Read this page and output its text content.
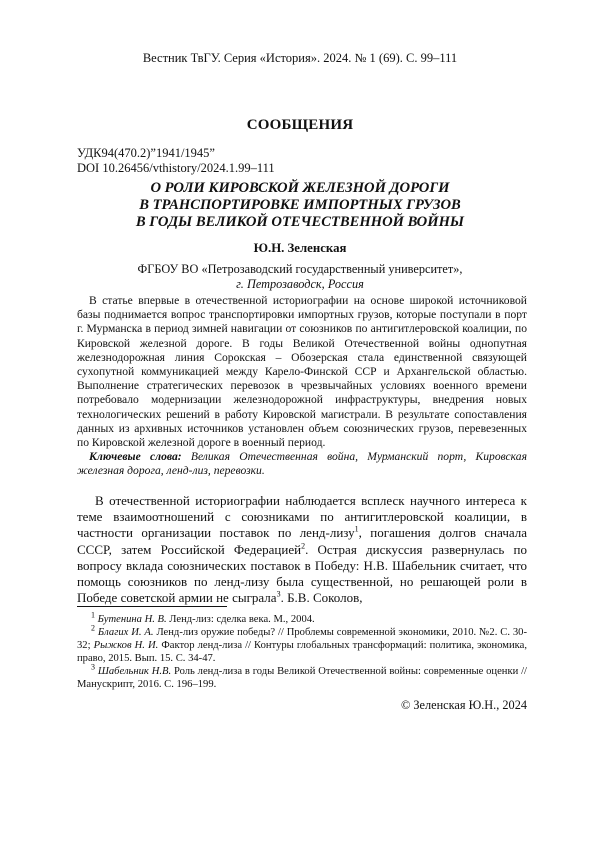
Вестник ТвГУ. Серия «История». 2024. № 1 (69). С. 99–111
СООБЩЕНИЯ
УДК94(470.2)”1941/1945”
DOI 10.26456/vthistory/2024.1.99–111
О РОЛИ КИРОВСКОЙ ЖЕЛЕЗНОЙ ДОРОГИ
В ТРАНСПОРТИРОВКЕ ИМПОРТНЫХ ГРУЗОВ
В ГОДЫ ВЕЛИКОЙ ОТЕЧЕСТВЕННОЙ ВОЙНЫ
Ю.Н. Зеленская
ФГБОУ ВО «Петрозаводский государственный университет»,
г. Петрозаводск, Россия

В статье впервые в отечественной историографии на основе широкой источниковой базы поднимается вопрос транспортировки импортных грузов, которые поступали в порт г. Мурманска в период зимней навигации от союзников по антигитлеровской коалиции, по Кировской железной дороге. В годы Великой Отечественной войны однопутная железнодорожная линия Сорокская – Обозерская стала единственной связующей сухопутной коммуникацией между Карело-Финской ССР и Архангельской областью. Выполнение стратегических перевозок в чрезвычайных условиях военного времени потребовало модернизации железнодорожной инфраструктуры, внедрения новых технологических решений в работу Кировской магистрали. В результате сопоставления данных из архивных источников установлен объем союзнических грузов, перевезенных по Кировской железной дороге в военный период.

Ключевые слова: Великая Отечественная война, Мурманский порт, Кировская железная дорога, ленд-лиз, перевозки.

В отечественной историографии наблюдается всплеск научного интереса к теме взаимоотношений с союзниками по антигитлеровской коалиции, в частности организации поставок по ленд-лизу$^1$, погашения долгов сначала СССР, затем Российской Федерацией$^2$. Острая дискуссия развернулась по вопросу вклада союзнических поставок в Победу: Н.В. Шабельник считает, что помощь союзников по ленд-лизу была существенной, но решающей роли в Победе советской армии не сыграла$^3$. Б.В. Соколов,

$^1$ Бутенина Н. В. Ленд-лиз: сделка века. М., 2004.

$^2$ Благих И. А. Ленд-лиз оружие победы? // Проблемы современной экономики, 2010. №2. С. 30-32; Рыжков Н. И. Фактор ленд-лиза // Контуры глобальных трансформаций: политика, экономика, право, 2015. Вып. 15. С. 34-47.

$^3$ Шабельник Н.В. Роль ленд-лиза в годы Великой Отечественной войны: современные оценки // Манускрипт, 2016. С. 196–199.

© Зеленская Ю.Н., 2024
